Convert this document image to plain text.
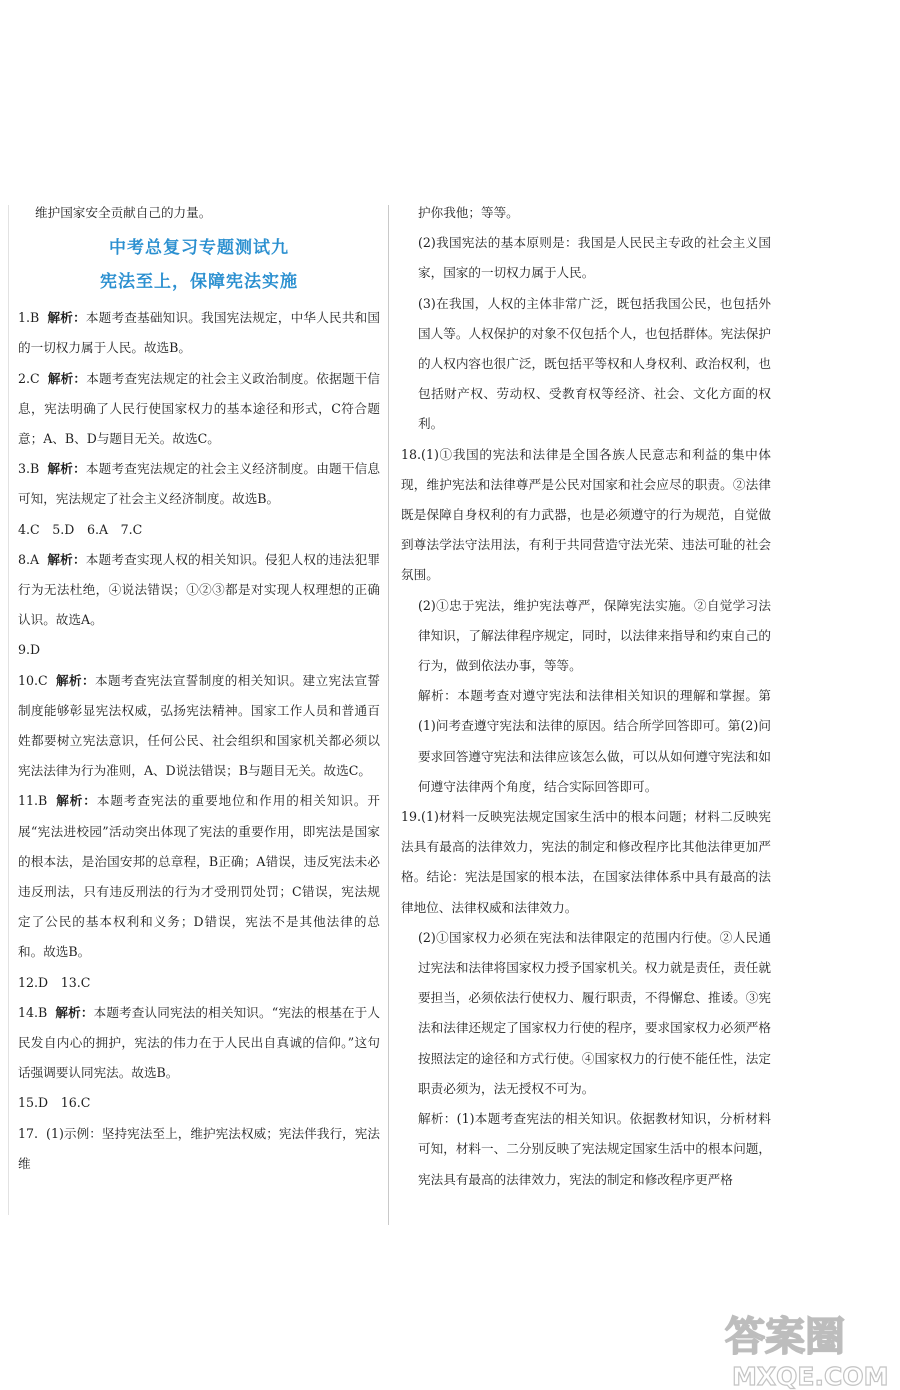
维护国家安全贡献自己的力量。

中考总复习专题测试九
宪法至上，保障宪法实施

1.B 解析：本题考查基础知识。我国宪法规定，中华人民共和国的一切权力属于人民。故选B。

2.C 解析：本题考查宪法规定的社会主义政治制度。依据题干信息，宪法明确了人民行使国家权力的基本途径和形式，C符合题意；A、B、D与题目无关。故选C。

3.B 解析：本题考查宪法规定的社会主义经济制度。由题干信息可知，宪法规定了社会主义经济制度。故选B。

4.C　5.D　6.A　7.C

8.A 解析：本题考查实现人权的相关知识。侵犯人权的违法犯罪行为无法杜绝，④说法错误；①②③都是对实现人权理想的正确认识。故选A。

9.D

10.C 解析：本题考查宪法宣誓制度的相关知识。建立宪法宣誓制度能够彰显宪法权威，弘扬宪法精神。国家工作人员和普通百姓都要树立宪法意识，任何公民、社会组织和国家机关都必须以宪法法律为行为准则，A、D说法错误；B与题目无关。故选C。

11.B 解析：本题考查宪法的重要地位和作用的相关知识。开展“宪法进校园”活动突出体现了宪法的重要作用，即宪法是国家的根本法，是治国安邦的总章程，B正确；A错误，违反宪法未必违反刑法，只有违反刑法的行为才受刑罚处罚；C错误，宪法规定了公民的基本权利和义务；D错误，宪法不是其他法律的总和。故选B。

12.D　13.C

14.B 解析：本题考查认同宪法的相关知识。“宪法的根基在于人民发自内心的拥护，宪法的伟力在于人民出自真诚的信仰。”这句话强调要认同宪法。故选B。

15.D　16.C

17. (1)示例：坚持宪法至上，维护宪法权威；宪法伴我行，宪法维

护你我他；等等。

(2)我国宪法的基本原则是：我国是人民民主专政的社会主义国家，国家的一切权力属于人民。

(3)在我国，人权的主体非常广泛，既包括我国公民，也包括外国人等。人权保护的对象不仅包括个人，也包括群体。宪法保护的人权内容也很广泛，既包括平等权和人身权利、政治权利，也包括财产权、劳动权、受教育权等经济、社会、文化方面的权利。

18.(1)①我国的宪法和法律是全国各族人民意志和利益的集中体现，维护宪法和法律尊严是公民对国家和社会应尽的职责。②法律既是保障自身权利的有力武器，也是必须遵守的行为规范，自觉做到尊法学法守法用法，有利于共同营造守法光荣、违法可耻的社会氛围。

(2)①忠于宪法，维护宪法尊严，保障宪法实施。②自觉学习法律知识，了解法律程序规定，同时，以法律来指导和约束自己的行为，做到依法办事，等等。

解析：本题考查对遵守宪法和法律相关知识的理解和掌握。第(1)问考查遵守宪法和法律的原因。结合所学回答即可。第(2)问要求回答遵守宪法和法律应该怎么做，可以从如何遵守宪法和如何遵守法律两个角度，结合实际回答即可。

19.(1)材料一反映宪法规定国家生活中的根本问题；材料二反映宪法具有最高的法律效力，宪法的制定和修改程序比其他法律更加严格。结论：宪法是国家的根本法，在国家法律体系中具有最高的法律地位、法律权威和法律效力。

(2)①国家权力必须在宪法和法律限定的范围内行使。②人民通过宪法和法律将国家权力授予国家机关。权力就是责任，责任就要担当，必须依法行使权力、履行职责，不得懈怠、推诿。③宪法和法律还规定了国家权力行使的程序，要求国家权力必须严格按照法定的途径和方式行使。④国家权力的行使不能任性，法定职责必须为，法无授权不可为。

解析：(1)本题考查宪法的相关知识。依据教材知识，分析材料可知，材料一、二分别反映了宪法规定国家生活中的根本问题，宪法具有最高的法律效力，宪法的制定和修改程序更严格

答案圈
MXQE.COM
